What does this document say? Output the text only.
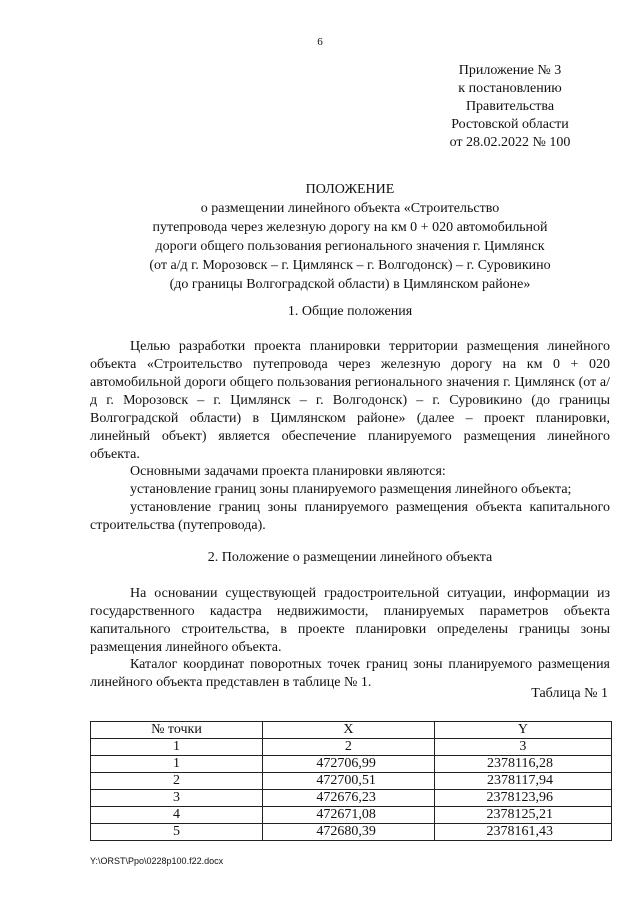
6
Приложение № 3
к постановлению
Правительства
Ростовской области
от 28.02.2022 № 100
ПОЛОЖЕНИЕ
о размещении линейного объекта «Строительство
путепровода через железную дорогу на км 0 + 020 автомобильной
дороги общего пользования регионального значения г. Цимлянск
(от а/д г. Морозовск – г. Цимлянск – г. Волгодонск) – г. Суровикино
(до границы Волгоградской области) в Цимлянском районе»
1. Общие положения

Целью разработки проекта планировки территории размещения линейного объекта «Строительство путепровода через железную дорогу на км 0 + 020 автомобильной дороги общего пользования регионального значения г. Цимлянск (от а/д г. Морозовск – г. Цимлянск – г. Волгодонск) – г. Суровикино (до границы Волгоградской области) в Цимлянском районе» (далее – проект планировки, линейный объект) является обеспечение планируемого размещения линейного объекта.

Основными задачами проекта планировки являются:

установление границ зоны планируемого размещения линейного объекта;

установление границ зоны планируемого размещения объекта капитального строительства (путепровода).

2. Положение о размещении линейного объекта

На основании существующей градостроительной ситуации, информации из государственного кадастра недвижимости, планируемых параметров объекта капитального строительства, в проекте планировки определены границы зоны размещения линейного объекта.

Каталог координат поворотных точек границ зоны планируемого размещения линейного объекта представлен в таблице № 1.

Таблица № 1
№ точки	X	Y
1	2	3
1	472706,99	2378116,28
2	472700,51	2378117,94
3	472676,23	2378123,96
4	472671,08	2378125,21
5	472680,39	2378161,43
Y:\ORST\Ppo\0228p100.f22.docx
